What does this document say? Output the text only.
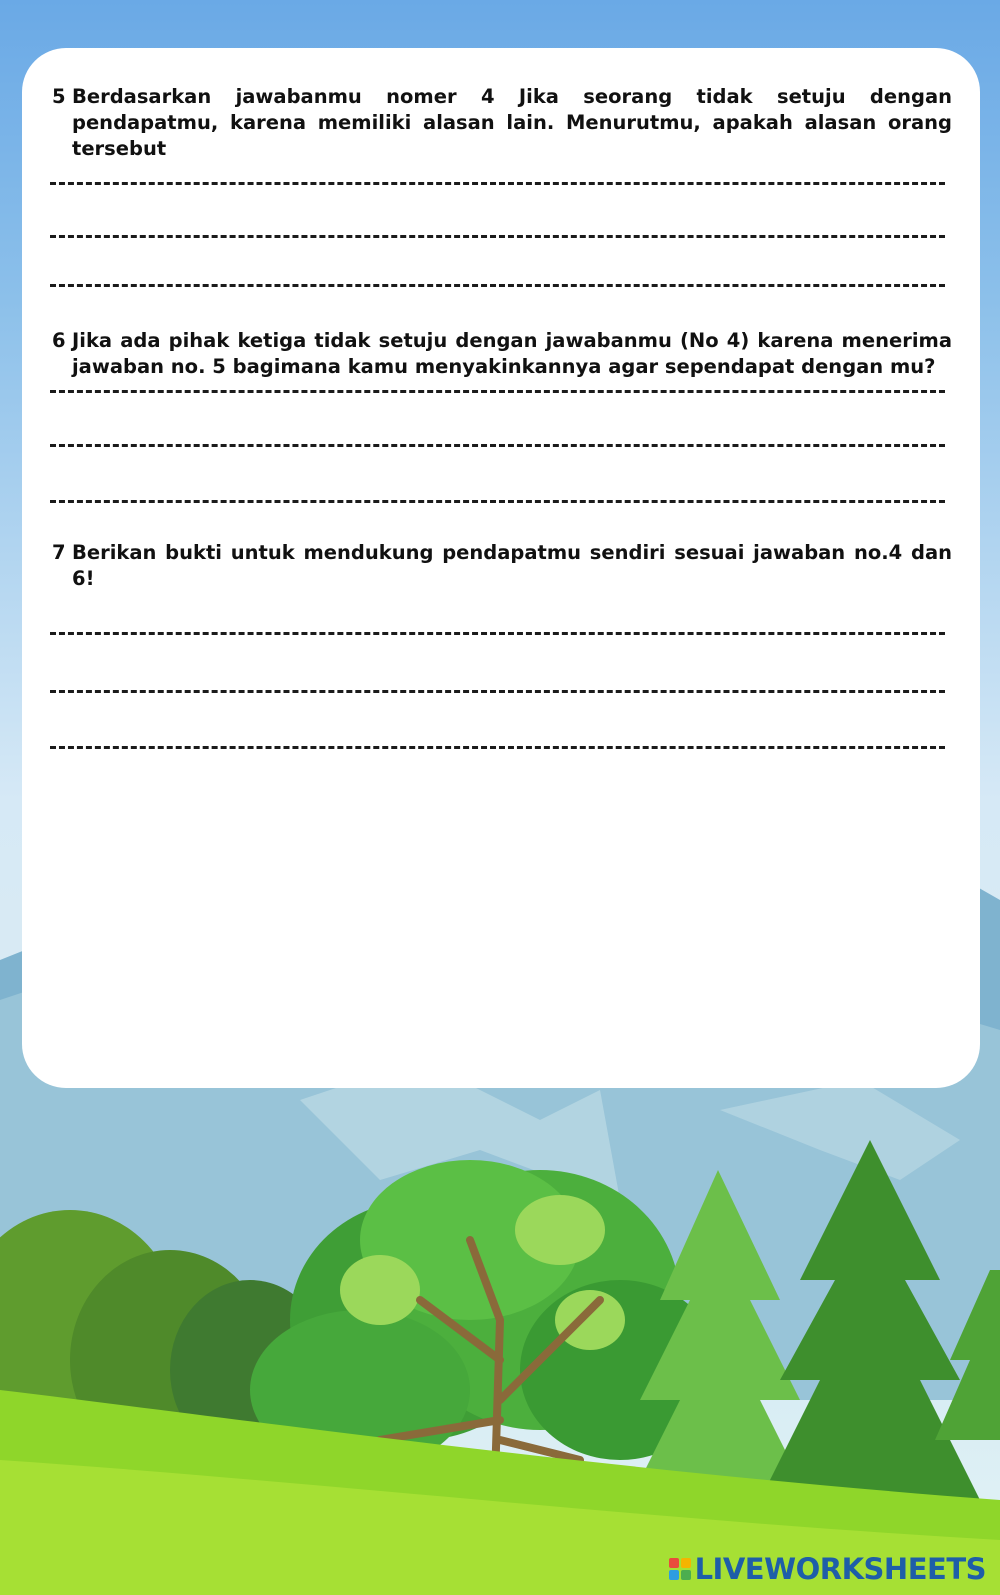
5 Berdasarkan jawabanmu nomer 4 Jika seorang tidak setuju dengan pendapatmu, karena memiliki alasan lain. Menurutmu, apakah alasan orang tersebut
6 Jika ada pihak ketiga tidak setuju dengan jawabanmu (No 4) karena menerima jawaban no. 5 bagimana kamu menyakinkannya agar sependapat dengan mu?
7 Berikan bukti untuk mendukung pendapatmu sendiri sesuai jawaban no.4 dan 6!
LIVEWORKSHEETS
